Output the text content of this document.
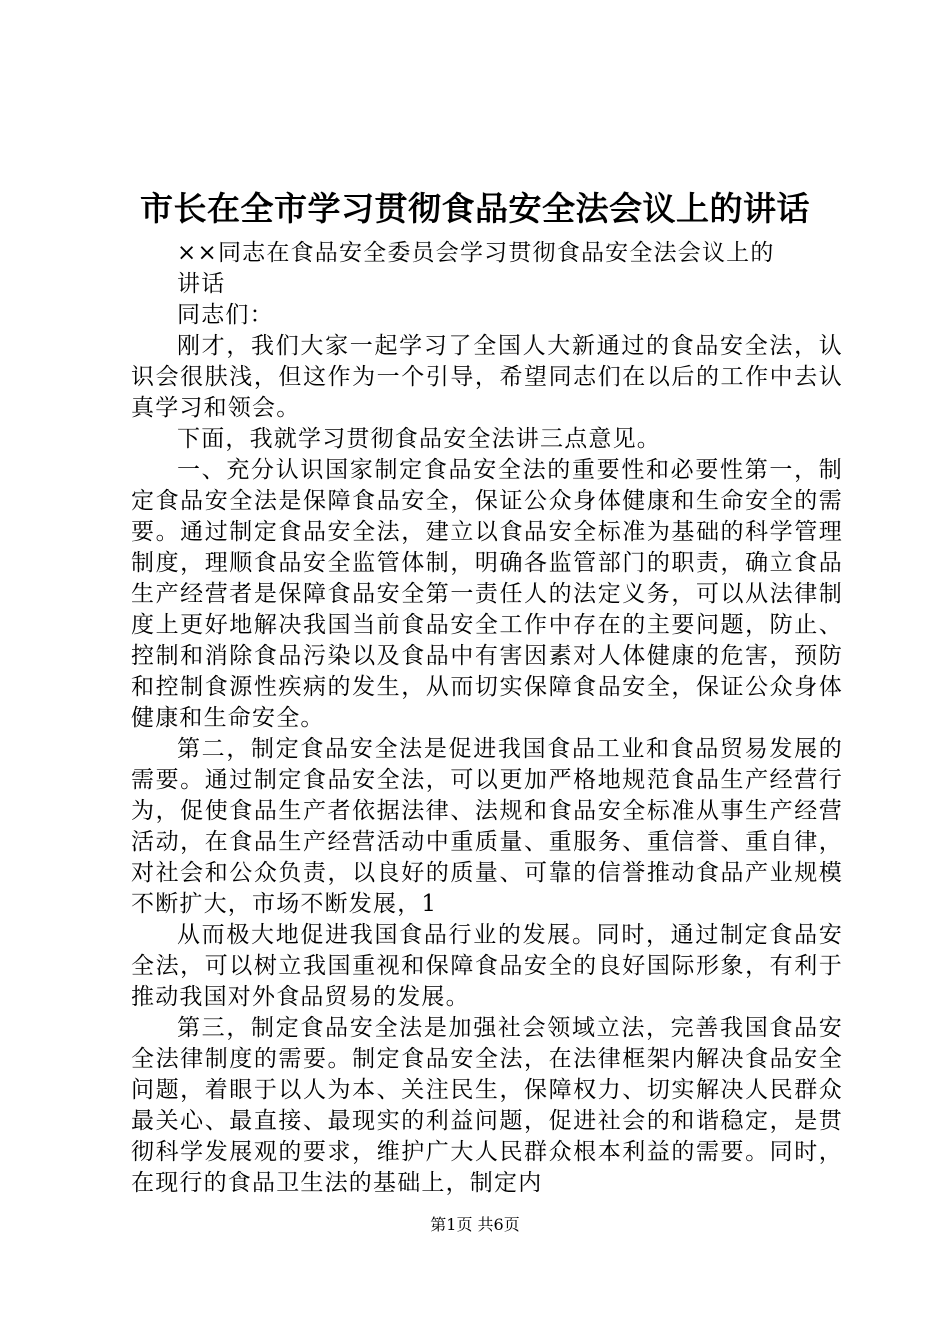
市长在全市学习贯彻食品安全法会议上的讲话

××同志在食品安全委员会学习贯彻食品安全法会议上的讲话

同志们：

刚才，我们大家一起学习了全国人大新通过的食品安全法，认识会很肤浅，但这作为一个引导，希望同志们在以后的工作中去认真学习和领会。

下面，我就学习贯彻食品安全法讲三点意见。

一、充分认识国家制定食品安全法的重要性和必要性第一，制定食品安全法是保障食品安全，保证公众身体健康和生命安全的需要。通过制定食品安全法，建立以食品安全标准为基础的科学管理制度，理顺食品安全监管体制，明确各监管部门的职责，确立食品生产经营者是保障食品安全第一责任人的法定义务，可以从法律制度上更好地解决我国当前食品安全工作中存在的主要问题，防止、控制和消除食品污染以及食品中有害因素对人体健康的危害，预防和控制食源性疾病的发生，从而切实保障食品安全，保证公众身体健康和生命安全。

第二，制定食品安全法是促进我国食品工业和食品贸易发展的需要。通过制定食品安全法，可以更加严格地规范食品生产经营行为，促使食品生产者依据法律、法规和食品安全标准从事生产经营活动，在食品生产经营活动中重质量、重服务、重信誉、重自律，对社会和公众负责，以良好的质量、可靠的信誉推动食品产业规模不断扩大，市场不断发展，1

从而极大地促进我国食品行业的发展。同时，通过制定食品安全法，可以树立我国重视和保障食品安全的良好国际形象，有利于推动我国对外食品贸易的发展。

第三，制定食品安全法是加强社会领域立法，完善我国食品安全法律制度的需要。制定食品安全法，在法律框架内解决食品安全问题，着眼于以人为本、关注民生，保障权力、切实解决人民群众最关心、最直接、最现实的利益问题，促进社会的和谐稳定，是贯彻科学发展观的要求，维护广大人民群众根本利益的需要。同时，在现行的食品卫生法的基础上，制定内

第1页 共6页
